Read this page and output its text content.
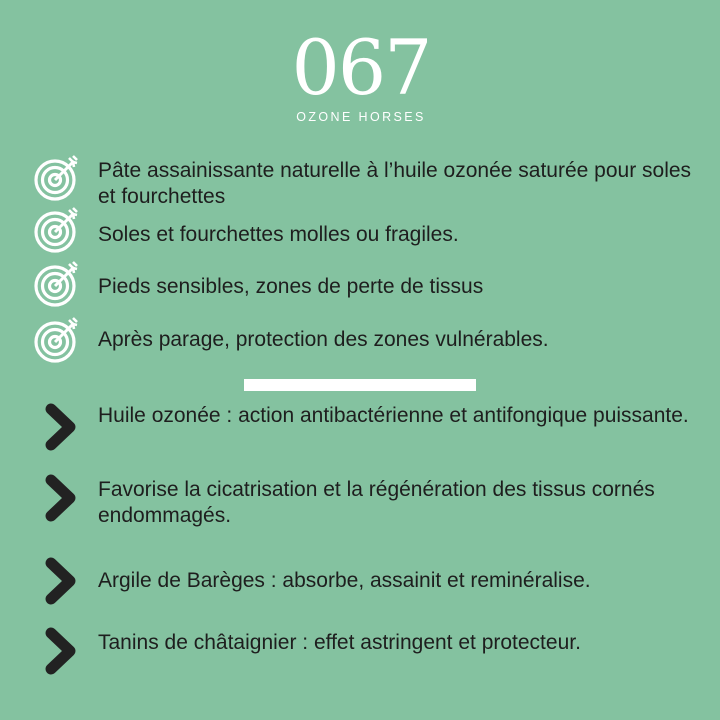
067
OZONE HORSES
Pâte assainissante naturelle à l’huile ozonée saturée pour soles et fourchettes
Soles et fourchettes molles ou fragiles.
Pieds sensibles, zones de perte de tissus
Après parage, protection des zones vulnérables.
Huile ozonée : action antibactérienne et antifongique puissante.
Favorise la cicatrisation et la régénération des tissus cornés endommagés.
Argile de Barèges : absorbe, assainit et reminéralise.
Tanins de châtaignier : effet astringent et protecteur.
